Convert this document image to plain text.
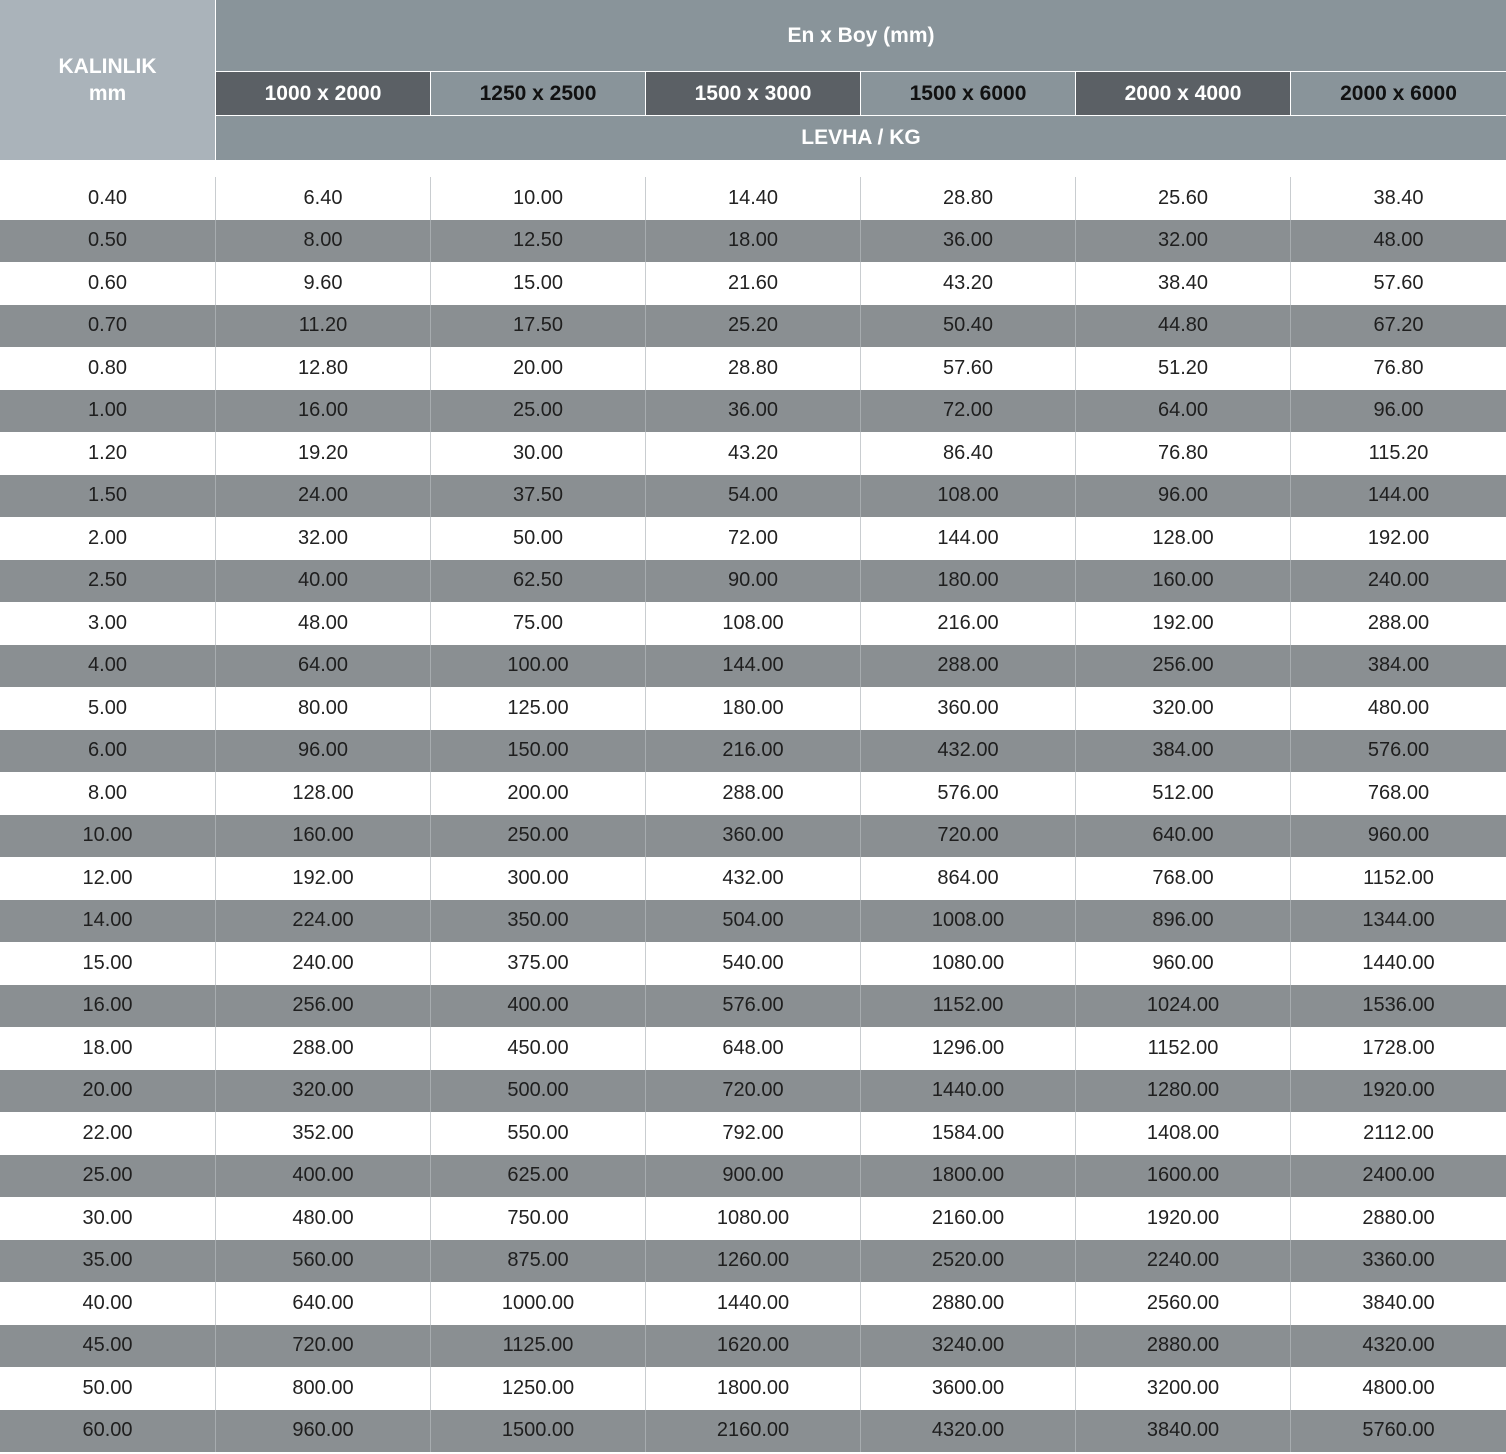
KALINLIK
mm
En x Boy (mm)
1000 x 2000	1250 x 2500	1500 x 3000	1500 x 6000	2000 x 4000	2000 x 6000
LEVHA / KG
0.40	6.40	10.00	14.40	28.80	25.60	38.40
0.50	8.00	12.50	18.00	36.00	32.00	48.00
0.60	9.60	15.00	21.60	43.20	38.40	57.60
0.70	11.20	17.50	25.20	50.40	44.80	67.20
0.80	12.80	20.00	28.80	57.60	51.20	76.80
1.00	16.00	25.00	36.00	72.00	64.00	96.00
1.20	19.20	30.00	43.20	86.40	76.80	115.20
1.50	24.00	37.50	54.00	108.00	96.00	144.00
2.00	32.00	50.00	72.00	144.00	128.00	192.00
2.50	40.00	62.50	90.00	180.00	160.00	240.00
3.00	48.00	75.00	108.00	216.00	192.00	288.00
4.00	64.00	100.00	144.00	288.00	256.00	384.00
5.00	80.00	125.00	180.00	360.00	320.00	480.00
6.00	96.00	150.00	216.00	432.00	384.00	576.00
8.00	128.00	200.00	288.00	576.00	512.00	768.00
10.00	160.00	250.00	360.00	720.00	640.00	960.00
12.00	192.00	300.00	432.00	864.00	768.00	1152.00
14.00	224.00	350.00	504.00	1008.00	896.00	1344.00
15.00	240.00	375.00	540.00	1080.00	960.00	1440.00
16.00	256.00	400.00	576.00	1152.00	1024.00	1536.00
18.00	288.00	450.00	648.00	1296.00	1152.00	1728.00
20.00	320.00	500.00	720.00	1440.00	1280.00	1920.00
22.00	352.00	550.00	792.00	1584.00	1408.00	2112.00
25.00	400.00	625.00	900.00	1800.00	1600.00	2400.00
30.00	480.00	750.00	1080.00	2160.00	1920.00	2880.00
35.00	560.00	875.00	1260.00	2520.00	2240.00	3360.00
40.00	640.00	1000.00	1440.00	2880.00	2560.00	3840.00
45.00	720.00	1125.00	1620.00	3240.00	2880.00	4320.00
50.00	800.00	1250.00	1800.00	3600.00	3200.00	4800.00
60.00	960.00	1500.00	2160.00	4320.00	3840.00	5760.00
